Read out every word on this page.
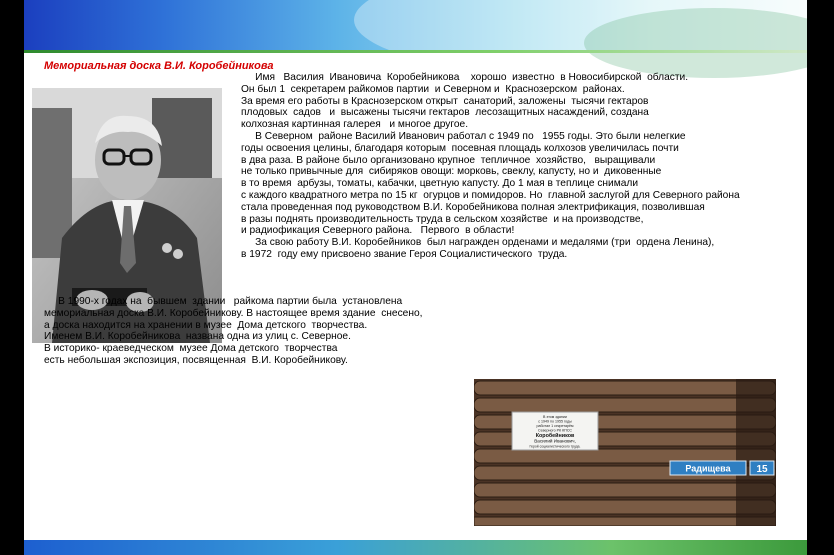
Мемориальная доска В.И. Коробейникова

Имя   Василия  Ивановича  Коробейникова    хорошо  известно  в Новосибирской  области.

Он был 1  секретарем райкомов партии  и Северном и  Краснозерском  районах.

За время его работы в Краснозерском открыт  санаторий, заложены  тысячи гектаров

плодовых  садов   и  высажены тысячи гектаров  лесозащитных насаждений, создана

колхозная картинная галерея   и многое другое.

В Северном  районе Василий Иванович работал с 1949 по   1955 годы. Это были нелегкие

годы освоения целины, благодаря которым  посевная площадь колхозов увеличилась почти

в два раза. В районе было организовано крупное  тепличное  хозяйство,   выращивали

не только привычные для  сибиряков овощи: морковь, свеклу, капусту, но и  диковенные

в то время  арбузы, томаты, кабачки, цветную капусту. До 1 мая в теплице снимали

с каждого квадратного метра по 15 кг  огурцов и помидоров. Но  главной заслугой для Северного района

стала проведенная под руководством В.И. Коробейникова полная электрификация, позволившая

в разы поднять производительность труда в сельском хозяйстве  и на производстве,

и радиофикация Северного района.   Первого  в области!

За свою работу В.И. Коробейников  был награжден орденами и медалями (три  ордена Ленина),

в 1972  году ему присвоено звание Героя Социалистического  труда.

В 1990-х годах на  бывшем  здании   райкома партии была  установлена

мемориальная доска В.И. Коробейникову. В настоящее время здание  снесено,

а доска находится на хранении в музее  Дома детского  творчества.

Именем В.И. Коробейникова  названа одна из улиц с. Северное.

В историко- краеведческом  музее Дома детского  творчества

есть небольшая экспозиция, посвященная  В.И. Коробейникову.

В этом здании
с 1949 по 1955 годы
работал 1 секретарём
Северного РК КПСС
Коробейников
Василий Иванович,
Герой социалистического труда.
Радищева	15
